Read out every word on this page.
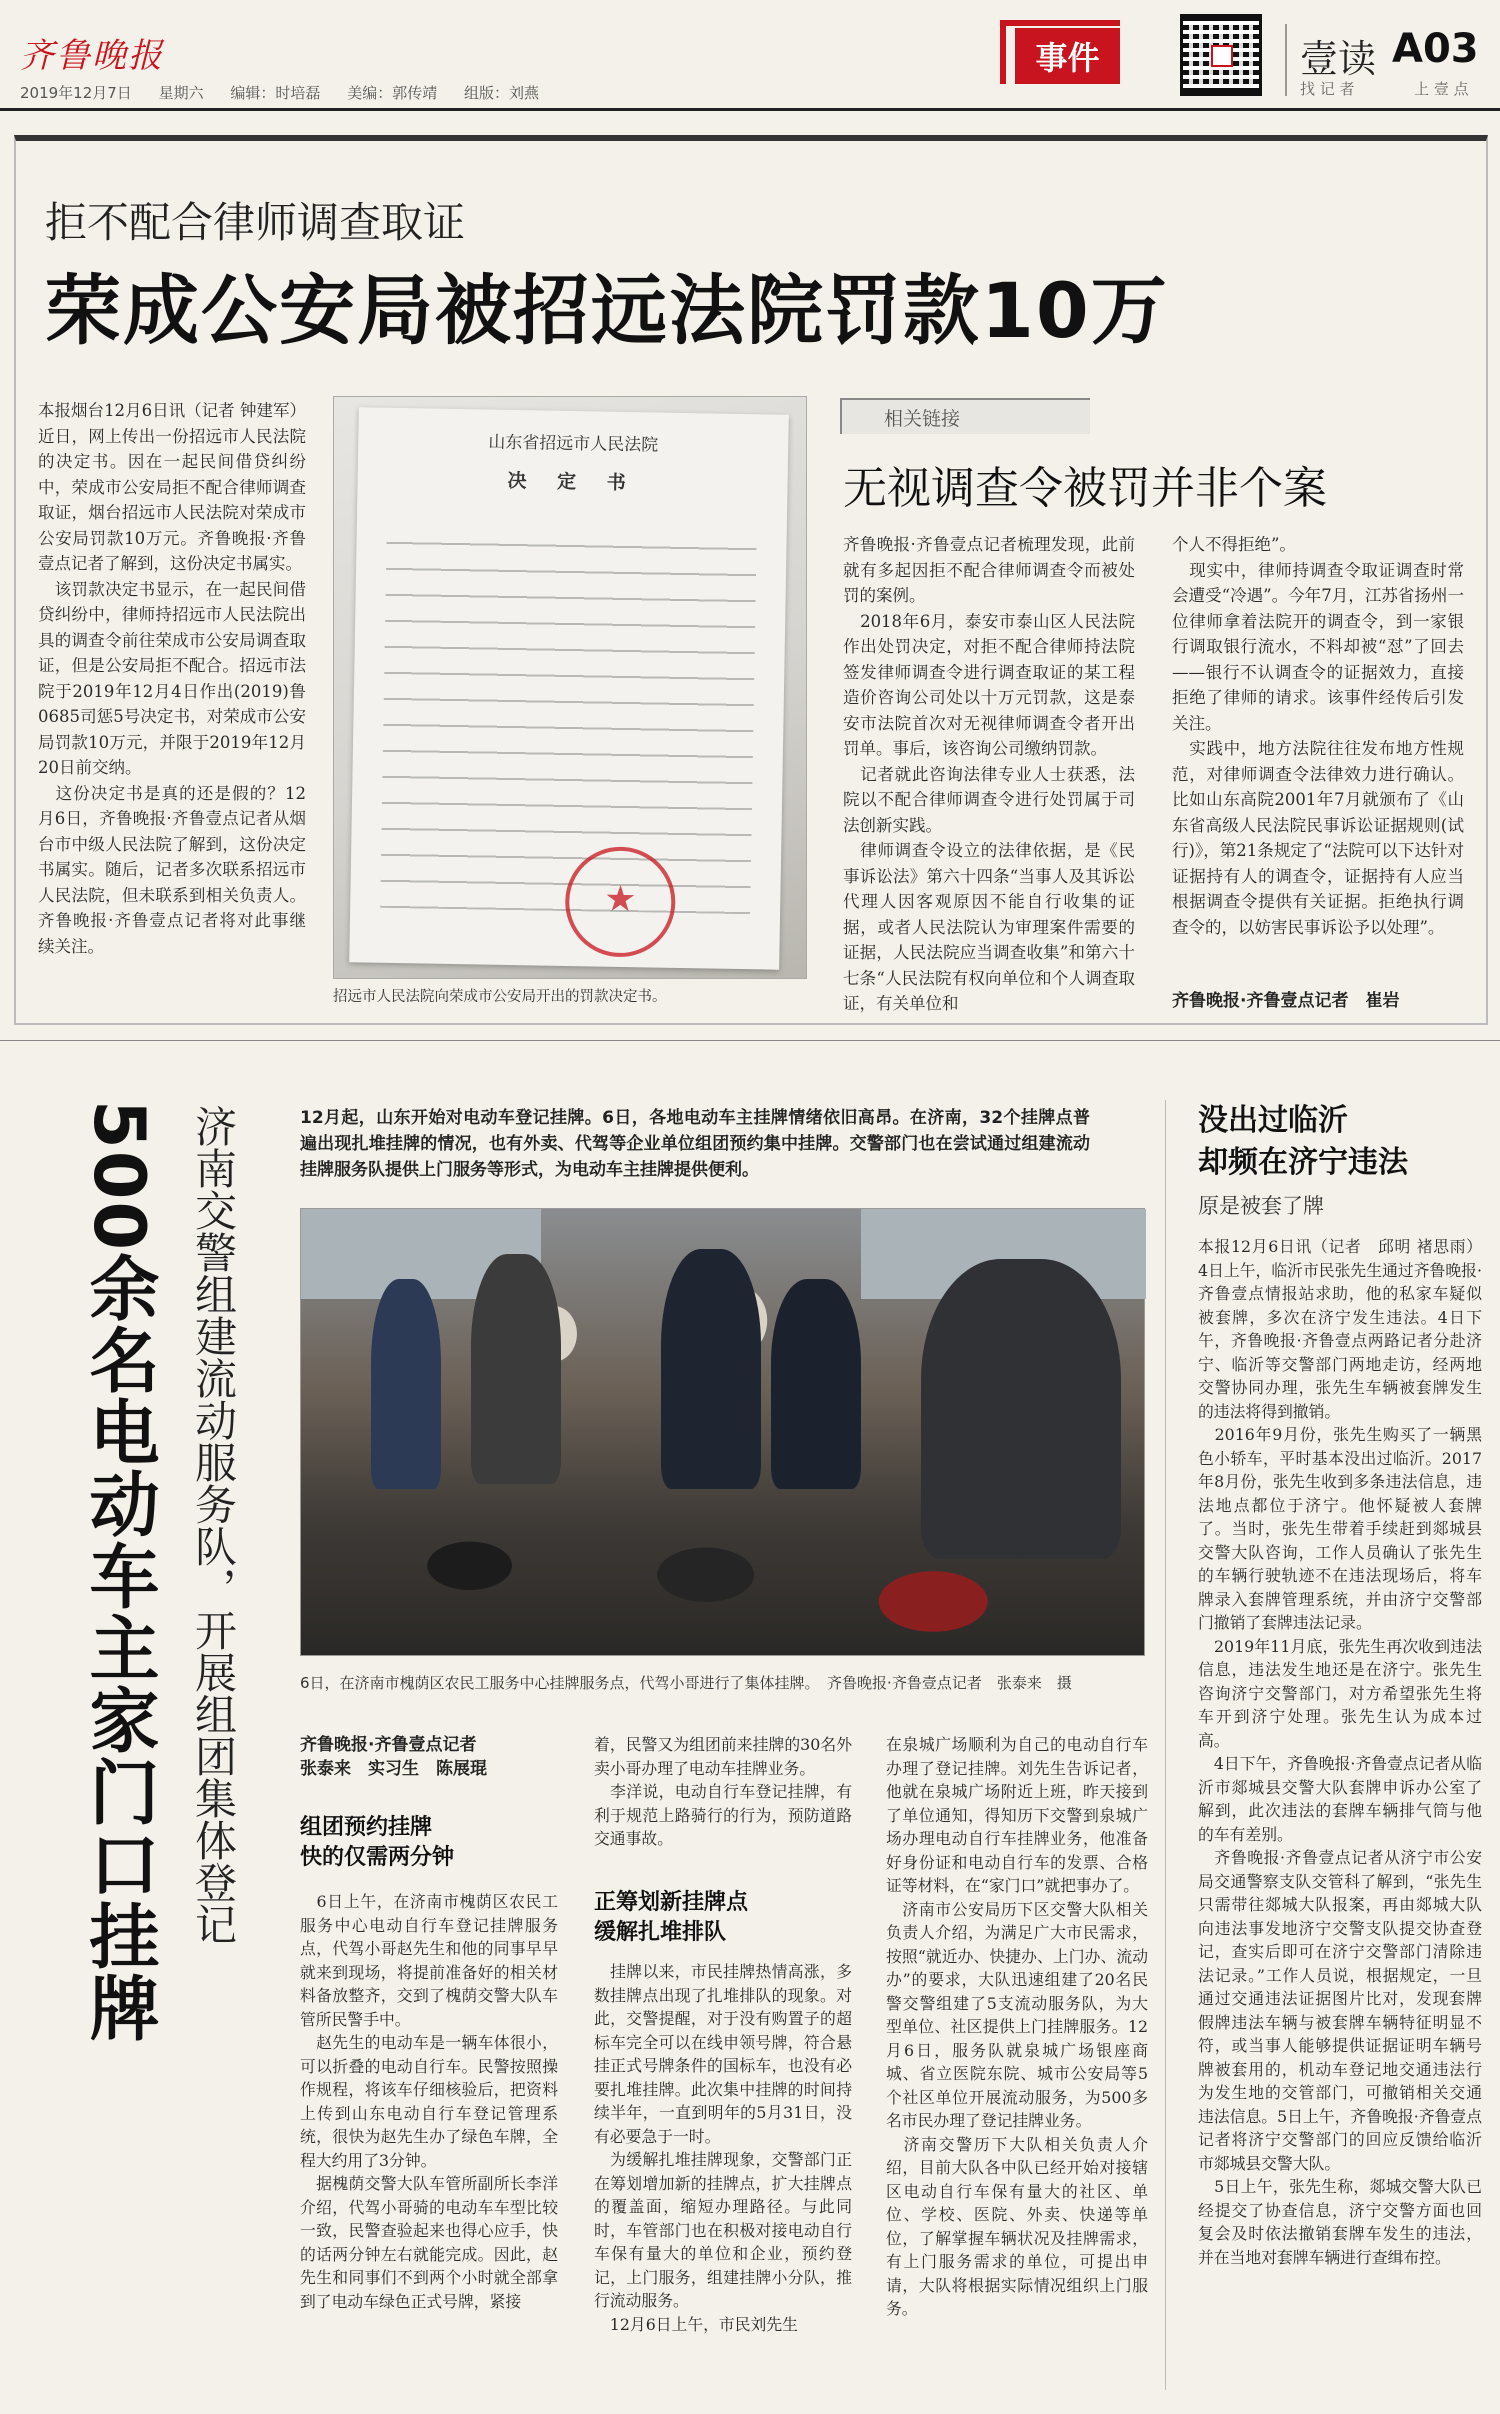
齐鲁晚报
2019年12月7日 星期六 编辑：时培磊 美编：郭传靖 组版：刘燕
事件	壹读 A03
找 记 者	上 壹 点
拒不配合律师调查取证
荣成公安局被招远法院罚款10万
本报烟台12月6日讯（记者 钟建军） 近日，网上传出一份招远市人民法院的决定书。因在一起民间借贷纠纷中，荣成市公安局拒不配合律师调查取证，烟台招远市人民法院对荣成市公安局罚款10万元。齐鲁晚报·齐鲁壹点记者了解到，这份决定书属实。
　该罚款决定书显示，在一起民间借贷纠纷中，律师持招远市人民法院出具的调查令前往荣成市公安局调查取证，但是公安局拒不配合。招远市法院于2019年12月4日作出(2019)鲁0685司惩5号决定书，对荣成市公安局罚款10万元，并限于2019年12月20日前交纳。
　这份决定书是真的还是假的？12月6日，齐鲁晚报·齐鲁壹点记者从烟台市中级人民法院了解到，这份决定书属实。随后，记者多次联系招远市人民法院，但未联系到相关负责人。齐鲁晚报·齐鲁壹点记者将对此事继续关注。
山东省招远市人民法院
决 定 书
★
招远市人民法院向荣成市公安局开出的罚款决定书。
相关链接
无视调查令被罚并非个案
齐鲁晚报·齐鲁壹点记者梳理发现，此前就有多起因拒不配合律师调查令而被处罚的案例。
　2018年6月，泰安市泰山区人民法院作出处罚决定，对拒不配合律师持法院签发律师调查令进行调查取证的某工程造价咨询公司处以十万元罚款，这是泰安市法院首次对无视律师调查令者开出罚单。事后，该咨询公司缴纳罚款。
　记者就此咨询法律专业人士获悉，法院以不配合律师调查令进行处罚属于司法创新实践。
　律师调查令设立的法律依据，是《民事诉讼法》第六十四条“当事人及其诉讼代理人因客观原因不能自行收集的证据，或者人民法院认为审理案件需要的证据，人民法院应当调查收集”和第六十七条“人民法院有权向单位和个人调查取证，有关单位和
个人不得拒绝”。
　现实中，律师持调查令取证调查时常会遭受“冷遇”。今年7月，江苏省扬州一位律师拿着法院开的调查令，到一家银行调取银行流水，不料却被“怼”了回去——银行不认调查令的证据效力，直接拒绝了律师的请求。该事件经传后引发关注。
　实践中，地方法院往往发布地方性规范，对律师调查令法律效力进行确认。比如山东高院2001年7月就颁布了《山东省高级人民法院民事诉讼证据规则(试行)》，第21条规定了“法院可以下达针对证据持有人的调查令，证据持有人应当根据调查令提供有关证据。拒绝执行调查令的，以妨害民事诉讼予以处理”。
齐鲁晚报·齐鲁壹点记者　崔岩
500余名电动车主家门口挂牌 济南交警组建流动服务队，开展组团集体登记	12月起，山东开始对电动车登记挂牌。6日，各地电动车主挂牌情绪依旧高昂。在济南，32个挂牌点普遍出现扎堆挂牌的情况，也有外卖、代驾等企业单位组团预约集中挂牌。交警部门也在尝试通过组建流动挂牌服务队提供上门服务等形式，为电动车主挂牌提供便利。
6日，在济南市槐荫区农民工服务中心挂牌服务点，代驾小哥进行了集体挂牌。　齐鲁晚报·齐鲁壹点记者　张泰来　摄
齐鲁晚报·齐鲁壹点记者
张泰来　实习生　陈展琨
组团预约挂牌
快的仅需两分钟
　6日上午，在济南市槐荫区农民工服务中心电动自行车登记挂牌服务点，代驾小哥赵先生和他的同事早早就来到现场，将提前准备好的相关材料备放整齐，交到了槐荫交警大队车管所民警手中。
　赵先生的电动车是一辆车体很小，可以折叠的电动自行车。民警按照操作规程，将该车仔细核验后，把资料上传到山东电动自行车登记管理系统，很快为赵先生办了绿色车牌，全程大约用了3分钟。
　据槐荫交警大队车管所副所长李洋介绍，代驾小哥骑的电动车车型比较一致，民警查验起来也得心应手，快的话两分钟左右就能完成。因此，赵先生和同事们不到两个小时就全部拿到了电动车绿色正式号牌，紧接
着，民警又为组团前来挂牌的30名外卖小哥办理了电动车挂牌业务。
　李洋说，电动自行车登记挂牌，有利于规范上路骑行的行为，预防道路交通事故。
正筹划新挂牌点
缓解扎堆排队
　挂牌以来，市民挂牌热情高涨，多数挂牌点出现了扎堆排队的现象。对此，交警提醒，对于没有购置子的超标车完全可以在线申领号牌，符合悬挂正式号牌条件的国标车，也没有必要扎堆挂牌。此次集中挂牌的时间持续半年，一直到明年的5月31日，没有必要急于一时。
　为缓解扎堆挂牌现象，交警部门正在筹划增加新的挂牌点，扩大挂牌点的覆盖面，缩短办理路径。与此同时，车管部门也在积极对接电动自行车保有量大的单位和企业，预约登记，上门服务，组建挂牌小分队，推行流动服务。
　12月6日上午，市民刘先生
在泉城广场顺利为自己的电动自行车办理了登记挂牌。刘先生告诉记者，他就在泉城广场附近上班，昨天接到了单位通知，得知历下交警到泉城广场办理电动自行车挂牌业务，他准备好身份证和电动自行车的发票、合格证等材料，在“家门口”就把事办了。
　济南市公安局历下区交警大队相关负责人介绍，为满足广大市民需求，按照“就近办、快捷办、上门办、流动办”的要求，大队迅速组建了20名民警交警组建了5支流动服务队，为大型单位、社区提供上门挂牌服务。12月6日，服务队就泉城广场银座商城、省立医院东院、城市公安局等5个社区单位开展流动服务，为500多名市民办理了登记挂牌业务。
　济南交警历下大队相关负责人介绍，目前大队各中队已经开始对接辖区电动自行车保有量大的社区、单位、学校、医院、外卖、快递等单位，了解掌握车辆状况及挂牌需求，有上门服务需求的单位，可提出申请，大队将根据实际情况组织上门服务。
没出过临沂
却频在济宁违法
原是被套了牌
本报12月6日讯（记者　邱明 褚思雨） 4日上午，临沂市民张先生通过齐鲁晚报·齐鲁壹点情报站求助，他的私家车疑似被套牌，多次在济宁发生违法。4日下午，齐鲁晚报·齐鲁壹点两路记者分赴济宁、临沂等交警部门两地走访，经两地交警协同办理，张先生车辆被套牌发生的违法将得到撤销。
　2016年9月份，张先生购买了一辆黑色小轿车，平时基本没出过临沂。2017年8月份，张先生收到多条违法信息，违法地点都位于济宁。他怀疑被人套牌了。当时，张先生带着手续赶到郯城县交警大队咨询，工作人员确认了张先生的车辆行驶轨迹不在违法现场后，将车牌录入套牌管理系统，并由济宁交警部门撤销了套牌违法记录。
　2019年11月底，张先生再次收到违法信息，违法发生地还是在济宁。张先生咨询济宁交警部门，对方希望张先生将车开到济宁处理。张先生认为成本过高。
　4日下午，齐鲁晚报·齐鲁壹点记者从临沂市郯城县交警大队套牌申诉办公室了解到，此次违法的套牌车辆排气筒与他的车有差别。
　齐鲁晚报·齐鲁壹点记者从济宁市公安局交通警察支队交管科了解到，“张先生只需带往郯城大队报案，再由郯城大队向违法事发地济宁交警支队提交协查登记，查实后即可在济宁交警部门清除违法记录。”工作人员说，根据规定，一旦通过交通违法证据图片比对，发现套牌假牌违法车辆与被套牌车辆特征明显不符，或当事人能够提供证据证明车辆号牌被套用的，机动车登记地交通违法行为发生地的交管部门，可撤销相关交通违法信息。5日上午，齐鲁晚报·齐鲁壹点记者将济宁交警部门的回应反馈给临沂市郯城县交警大队。
　5日上午，张先生称，郯城交警大队已经提交了协查信息，济宁交警方面也回复会及时依法撤销套牌车发生的违法，并在当地对套牌车辆进行查缉布控。
